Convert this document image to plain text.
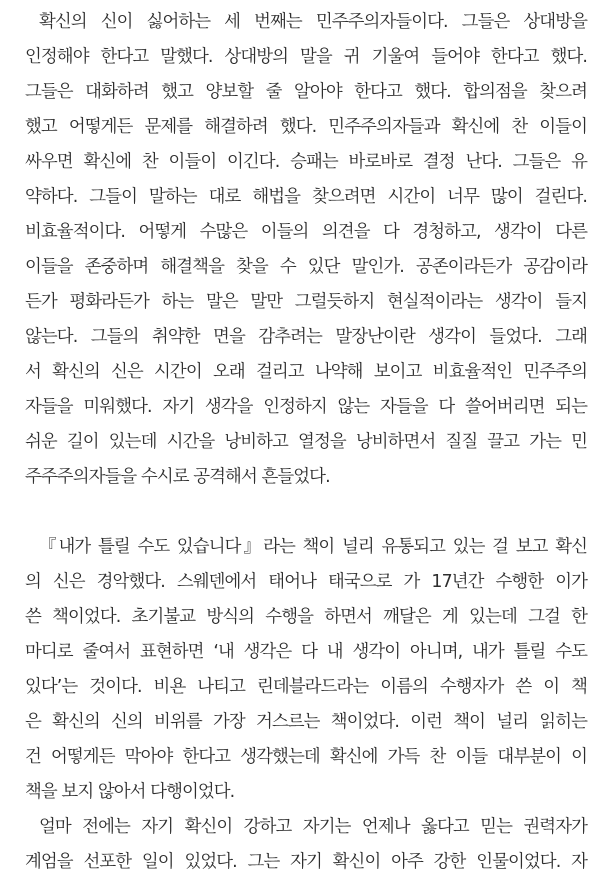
확신의 신이 싫어하는 세 번째는 민주주의자들이다. 그들은 상대방을
인정해야 한다고 말했다. 상대방의 말을 귀 기울여 들어야 한다고 했다.
그들은 대화하려 했고 양보할 줄 알아야 한다고 했다. 합의점을 찾으려
했고 어떻게든 문제를 해결하려 했다. 민주주의자들과 확신에 찬 이들이
싸우면 확신에 찬 이들이 이긴다. 승패는 바로바로 결정 난다. 그들은 유
약하다. 그들이 말하는 대로 해법을 찾으려면 시간이 너무 많이 걸린다.
비효율적이다. 어떻게 수많은 이들의 의견을 다 경청하고, 생각이 다른
이들을 존중하며 해결책을 찾을 수 있단 말인가. 공존이라든가 공감이라
든가 평화라든가 하는 말은 말만 그럴듯하지 현실적이라는 생각이 들지
않는다. 그들의 취약한 면을 감추려는 말장난이란 생각이 들었다. 그래
서 확신의 신은 시간이 오래 걸리고 나약해 보이고 비효율적인 민주주의
자들을 미워했다. 자기 생각을 인정하지 않는 자들을 다 쓸어버리면 되는
쉬운 길이 있는데 시간을 낭비하고 열정을 낭비하면서 질질 끌고 가는 민
주주주의자들을 수시로 공격해서 흔들었다.
『내가 틀릴 수도 있습니다』라는 책이 널리 유통되고 있는 걸 보고 확신
의 신은 경악했다. 스웨덴에서 태어나 태국으로 가 17년간 수행한 이가
쓴 책이었다. 초기불교 방식의 수행을 하면서 깨달은 게 있는데 그걸 한
마디로 줄여서 표현하면 ‘내 생각은 다 내 생각이 아니며, 내가 틀릴 수도
있다’는 것이다. 비욘 나티고 린데블라드라는 이름의 수행자가 쓴 이 책
은 확신의 신의 비위를 가장 거스르는 책이었다. 이런 책이 널리 읽히는
건 어떻게든 막아야 한다고 생각했는데 확신에 가득 찬 이들 대부분이 이
책을 보지 않아서 다행이었다.
얼마 전에는 자기 확신이 강하고 자기는 언제나 옳다고 믿는 권력자가
계엄을 선포한 일이 있었다. 그는 자기 확신이 아주 강한 인물이었다. 자
